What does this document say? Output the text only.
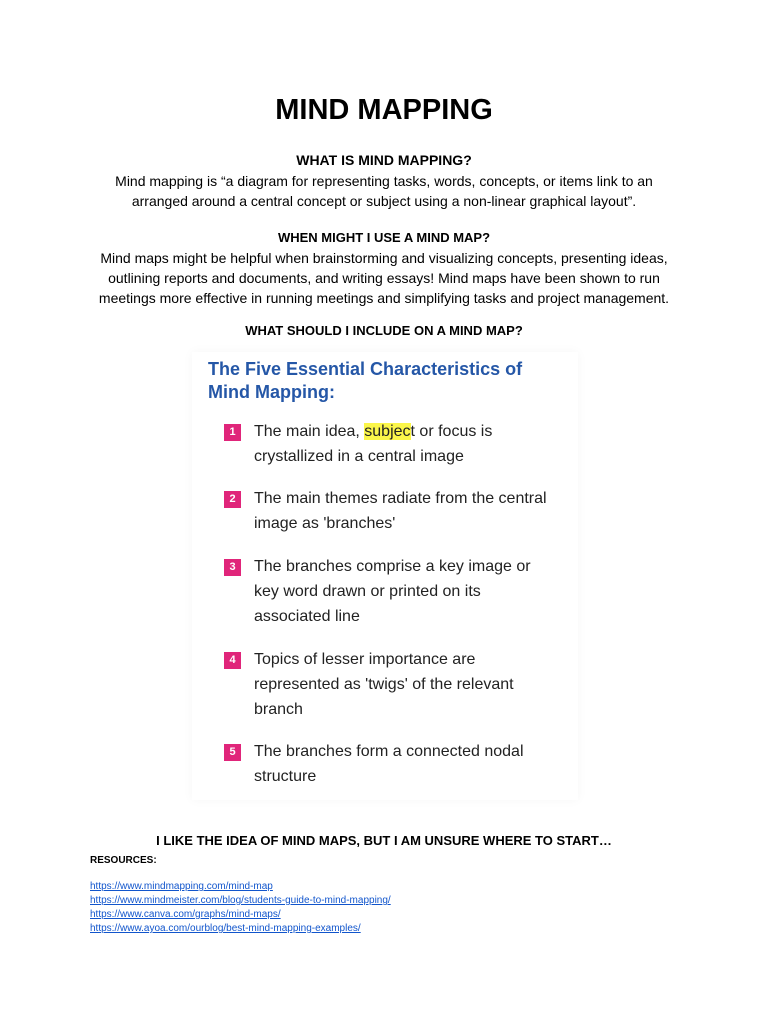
MIND MAPPING
WHAT IS MIND MAPPING?

Mind mapping is “a diagram for representing tasks, words, concepts, or items link to an
arranged around a central concept or subject using a non-linear graphical layout”.

WHEN MIGHT I USE A MIND MAP?

Mind maps might be helpful when brainstorming and visualizing concepts, presenting ideas,
outlining reports and documents, and writing essays! Mind maps have been shown to run
meetings more effective in running meetings and simplifying tasks and project management.

WHAT SHOULD I INCLUDE ON A MIND MAP?
The Five Essential Characteristics of
Mind Mapping:
1	The main idea, subject or focus is
crystallized in a central image

2	The main themes radiate from the central
image as 'branches'

3	The branches comprise a key image or
key word drawn or printed on its
associated line

4	Topics of lesser importance are
represented as 'twigs' of the relevant
branch

5	The branches form a connected nodal
structure

I LIKE THE IDEA OF MIND MAPS, BUT I AM UNSURE WHERE TO START…

RESOURCES:

https://www.mindmapping.com/mind-map
https://www.mindmeister.com/blog/students-guide-to-mind-mapping/
https://www.canva.com/graphs/mind-maps/
https://www.ayoa.com/ourblog/best-mind-mapping-examples/
